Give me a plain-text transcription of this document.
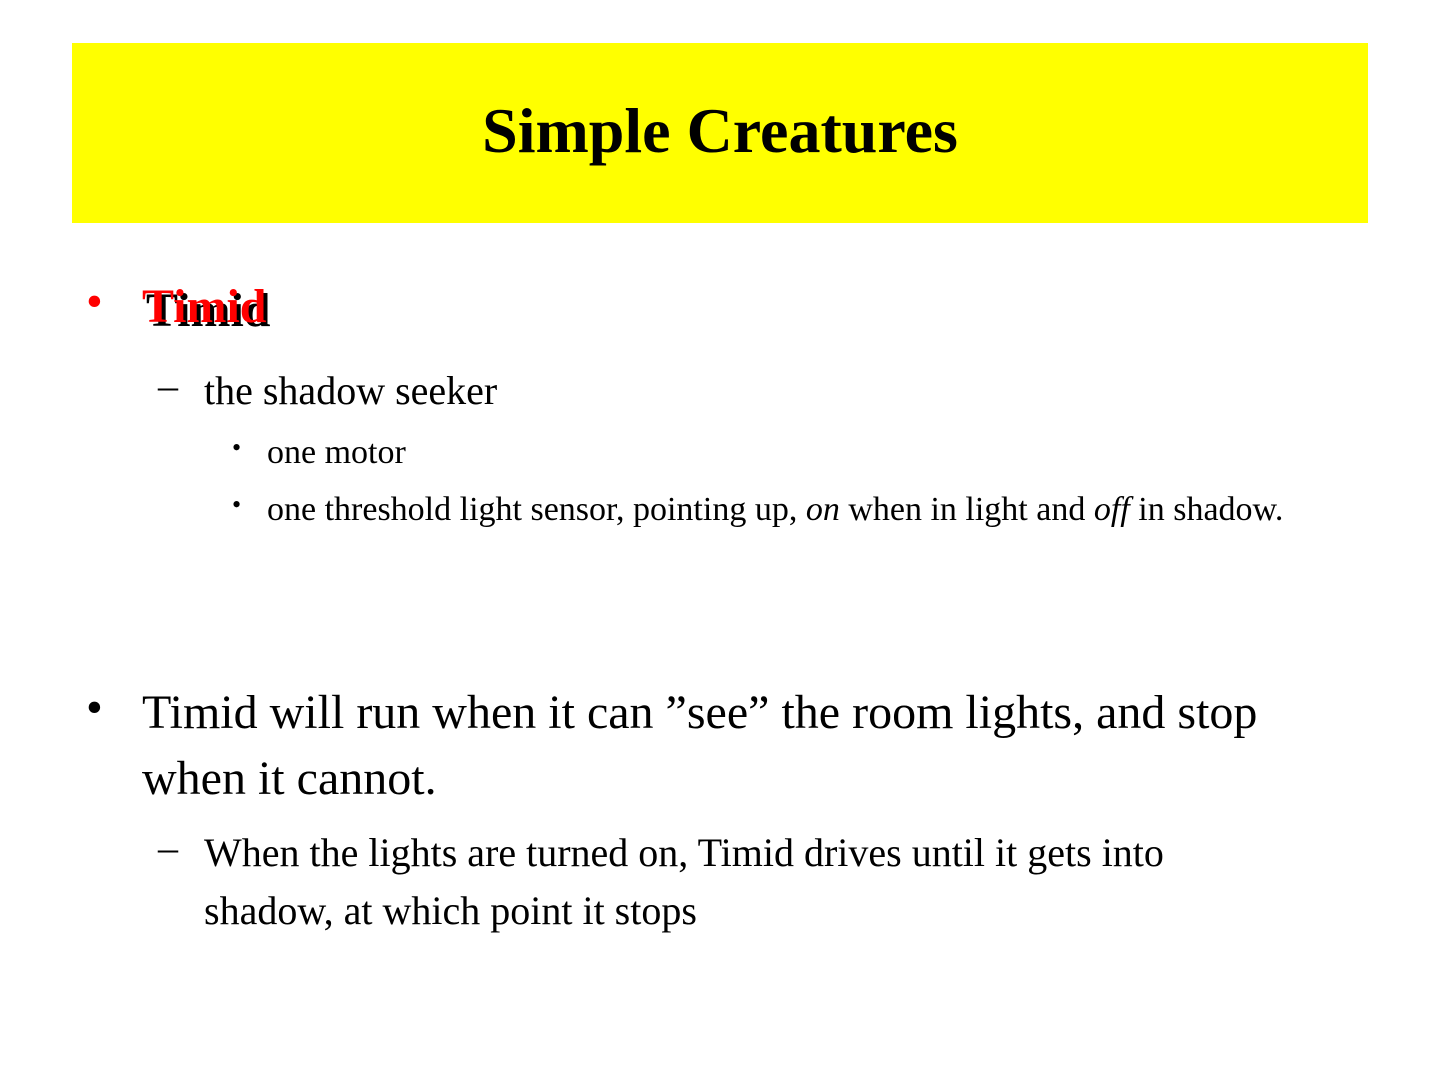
Simple Creatures
• Timid
– the shadow seeker
• one motor
• one threshold light sensor, pointing up, on when in light and off in shadow.
• Timid will run when it can ”see” the room lights, and stop when it cannot.
– When the lights are turned on, Timid drives until it gets into shadow, at which point it stops
